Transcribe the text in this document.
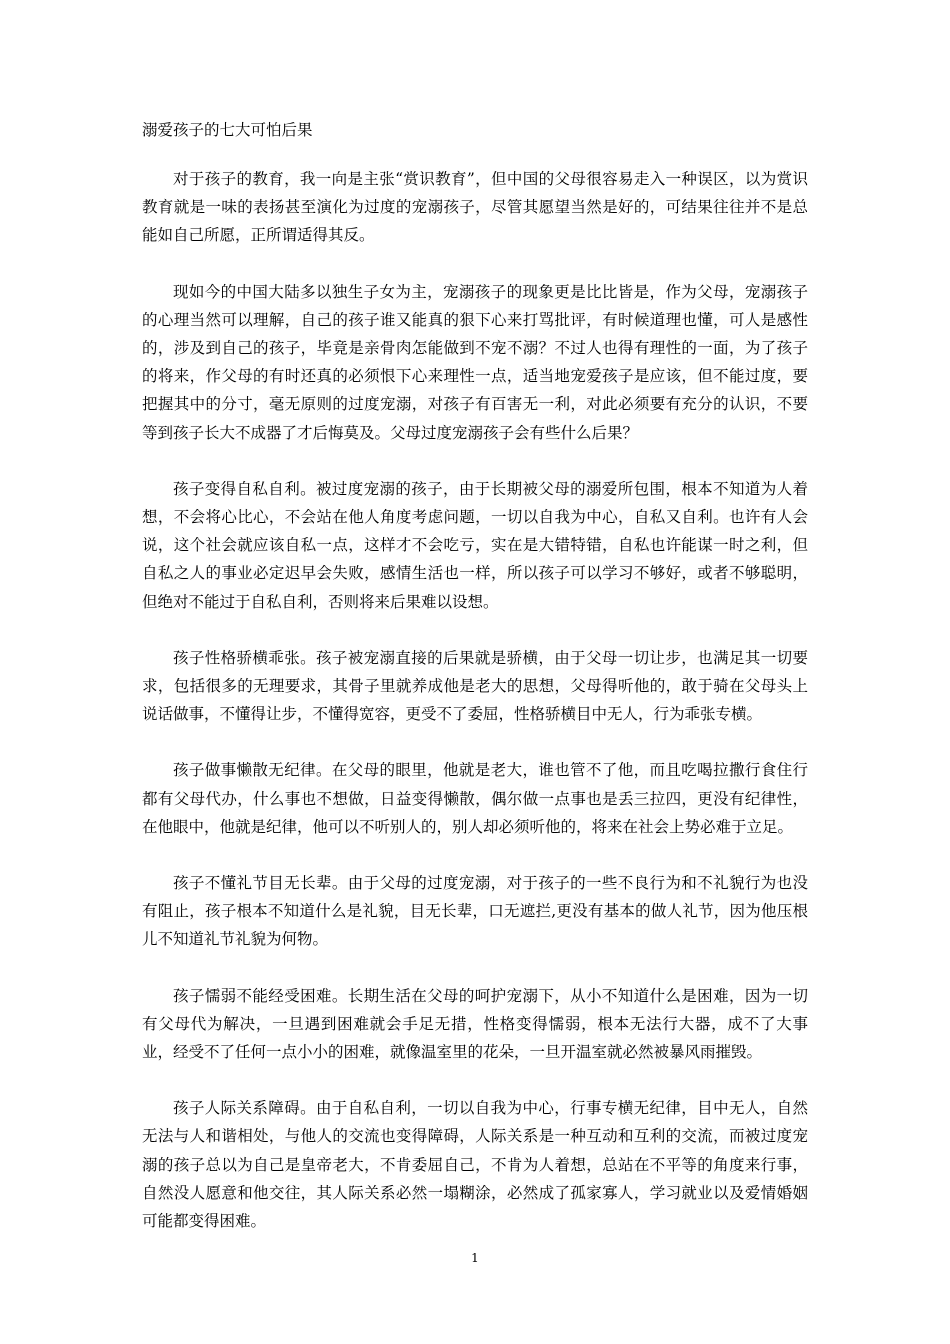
溺爱孩子的七大可怕后果

对于孩子的教育，我一向是主张“赏识教育”，但中国的父母很容易走入一种误区，以为赏识教育就是一味的表扬甚至演化为过度的宠溺孩子，尽管其愿望当然是好的，可结果往往并不是总能如自己所愿，正所谓适得其反。

现如今的中国大陆多以独生子女为主，宠溺孩子的现象更是比比皆是，作为父母，宠溺孩子的心理当然可以理解，自己的孩子谁又能真的狠下心来打骂批评，有时候道理也懂，可人是感性的，涉及到自己的孩子，毕竟是亲骨肉怎能做到不宠不溺？不过人也得有理性的一面，为了孩子的将来，作父母的有时还真的必须恨下心来理性一点，适当地宠爱孩子是应该，但不能过度，要把握其中的分寸，毫无原则的过度宠溺，对孩子有百害无一利，对此必须要有充分的认识，不要等到孩子长大不成器了才后悔莫及。父母过度宠溺孩子会有些什么后果？

孩子变得自私自利。被过度宠溺的孩子，由于长期被父母的溺爱所包围，根本不知道为人着想，不会将心比心，不会站在他人角度考虑问题，一切以自我为中心，自私又自利。也许有人会说，这个社会就应该自私一点，这样才不会吃亏，实在是大错特错，自私也许能谋一时之利，但自私之人的事业必定迟早会失败，感情生活也一样，所以孩子可以学习不够好，或者不够聪明，但绝对不能过于自私自利，否则将来后果难以设想。

孩子性格骄横乖张。孩子被宠溺直接的后果就是骄横，由于父母一切让步，也满足其一切要求，包括很多的无理要求，其骨子里就养成他是老大的思想，父母得听他的，敢于骑在父母头上说话做事，不懂得让步，不懂得宽容，更受不了委屈，性格骄横目中无人，行为乖张专横。

孩子做事懒散无纪律。在父母的眼里，他就是老大，谁也管不了他，而且吃喝拉撒行食住行都有父母代办，什么事也不想做，日益变得懒散，偶尔做一点事也是丢三拉四，更没有纪律性，在他眼中，他就是纪律，他可以不听别人的，别人却必须听他的，将来在社会上势必难于立足。

孩子不懂礼节目无长辈。由于父母的过度宠溺，对于孩子的一些不良行为和不礼貌行为也没有阻止，孩子根本不知道什么是礼貌，目无长辈，口无遮拦,更没有基本的做人礼节，因为他压根儿不知道礼节礼貌为何物。

孩子懦弱不能经受困难。长期生活在父母的呵护宠溺下，从小不知道什么是困难，因为一切有父母代为解决，一旦遇到困难就会手足无措，性格变得懦弱，根本无法行大器，成不了大事业，经受不了任何一点小小的困难，就像温室里的花朵，一旦开温室就必然被暴风雨摧毁。

孩子人际关系障碍。由于自私自利，一切以自我为中心，行事专横无纪律，目中无人，自然无法与人和谐相处，与他人的交流也变得障碍，人际关系是一种互动和互利的交流，而被过度宠溺的孩子总以为自己是皇帝老大，不肯委屈自己，不肯为人着想，总站在不平等的角度来行事，自然没人愿意和他交往，其人际关系必然一塌糊涂，必然成了孤家寡人，学习就业以及爱情婚姻可能都变得困难。

1
